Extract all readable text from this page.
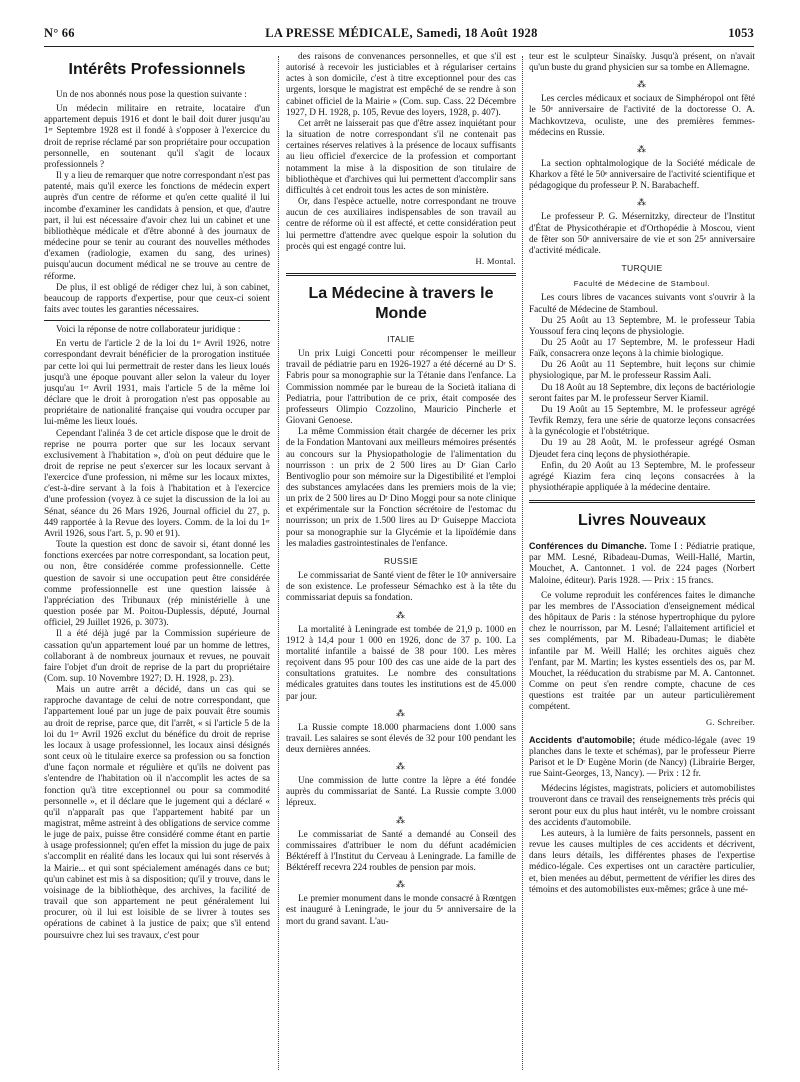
N° 66	LA PRESSE MÉDICALE, Samedi, 18 Août 1928	1053
Intérêts Professionnels

Un de nos abonnés nous pose la question suivante :

Un médecin militaire en retraite, locataire d'un appartement depuis 1916 et dont le bail doit durer jusqu'au 1ᵉʳ Septembre 1928 est il fondé à s'opposer à l'exercice du droit de reprise réclamé par son propriétaire pour occupation personnelle, en soutenant qu'il s'agit de locaux professionnels ?

Il y a lieu de remarquer que notre correspondant n'est pas patenté, mais qu'il exerce les fonctions de médecin expert auprès d'un centre de réforme et qu'en cette qualité il lui incombe d'examiner les candidats à pension, et que, d'autre part, il lui est nécessaire d'avoir chez lui un cabinet et une bibliothèque médicale et d'être abonné à des journaux de médecine pour se tenir au courant des nouvelles méthodes d'examen (radiologie, examen du sang, des urines) puisqu'aucun document médical ne se trouve au centre de réforme.

De plus, il est obligé de rédiger chez lui, à son cabinet, beaucoup de rapports d'expertise, pour que ceux-ci soient faits avec toutes les garanties nécessaires.

Voici la réponse de notre collaborateur juridique :

En vertu de l'article 2 de la loi du 1ᵉʳ Avril 1926, notre correspondant devrait bénéficier de la prorogation instituée par cette loi qui lui permettrait de rester dans les lieux loués jusqu'à une époque pouvant aller selon la valeur du loyer jusqu'au 1ᵉʳ Avril 1931, mais l'article 5 de la même loi déclare que le droit à prorogation n'est pas opposable au propriétaire de nationalité française qui voudra occuper par lui-même les lieux loués.

Cependant l'alinéa 3 de cet article dispose que le droit de reprise ne pourra porter que sur les locaux servant exclusivement à l'habitation », d'où on peut déduire que le droit de reprise ne peut s'exercer sur les locaux servant à l'exercice d'une profession, ni même sur les locaux mixtes, c'est-à-dire servant à la fois à l'habitation et à l'exercice d'une profession (voyez à ce sujet la discussion de la loi au Sénat, séance du 26 Mars 1926, Journal officiel du 27, p. 449 rapportée à la Revue des loyers. Comm. de la loi du 1ᵉʳ Avril 1926, sous l'art. 5, p. 90 et 91).

Toute la question est donc de savoir si, étant donné les fonctions exercées par notre correspondant, sa location peut, ou non, être considérée comme professionnelle. Cette question de savoir si une occupation peut être considérée comme professionnelle est une question laissée à l'appréciation des Tribunaux (rép ministérielle à une question posée par M. Poitou-Duplessis, député, Journal officiel, 29 Juillet 1926, p. 3073).

Il a été déjà jugé par la Commission supérieure de cassation qu'un appartement loué par un homme de lettres, collaborant à de nombreux journaux et revues, ne pouvait faire l'objet d'un droit de reprise de la part du propriétaire (Com. sup. 10 Novembre 1927; D. H. 1928, p. 23).

Mais un autre arrêt a décidé, dans un cas qui se rapproche davantage de celui de notre correspondant, que l'appartement loué par un juge de paix pouvait être soumis au droit de reprise, parce que, dit l'arrêt, « si l'article 5 de la loi du 1ᵉʳ Avril 1926 exclut du bénéfice du droit de reprise les locaux à usage professionnel, les locaux ainsi désignés sont ceux où le titulaire exerce sa profession ou sa fonction d'une façon normale et régulière et qu'ils ne doivent pas s'entendre de l'habitation où il n'accomplit les actes de sa fonction qu'à titre exceptionnel ou pour sa commodité personnelle », et il déclare que le jugement qui a déclaré « qu'il n'apparaît pas que l'appartement habité par un magistrat, même astreint à des obligations de service comme le juge de paix, puisse être considéré comme étant en partie à usage professionnel; qu'en effet la mission du juge de paix s'accomplit en réalité dans les locaux qui lui sont réservés à la Mairie... et qui sont spécialement aménagés dans ce but; qu'un cabinet est mis à sa disposition; qu'il y trouve, dans le voisinage de la bibliothèque, des archives, la facilité de travail que son appartement ne peut généralement lui procurer, où il lui est loisible de se livrer à toutes ses opérations de cabinet à la justice de paix; que s'il entend poursuivre chez lui ses travaux, c'est pour

des raisons de convenances personnelles, et que s'il est autorisé à recevoir les justiciables et à régulariser certains actes à son domicile, c'est à titre exceptionnel pour des cas urgents, lorsque le magistrat est empêché de se rendre à son cabinet officiel de la Mairie » (Com. sup. Cass. 22 Décembre 1927, D H. 1928, p. 105, Revue des loyers, 1928, p. 407).

Cet arrêt ne laisserait pas que d'être assez inquiétant pour la situation de notre correspondant s'il ne contenait pas certaines réserves relatives à la présence de locaux suffisants au lieu officiel d'exercice de la profession et comportant notamment la mise à la disposition de son titulaire de bibliothèque et d'archives qui lui permettent d'accomplir sans difficultés à cet endroit tous les actes de son ministère.

Or, dans l'espèce actuelle, notre correspondant ne trouve aucun de ces auxiliaires indispensables de son travail au centre de réforme où il est affecté, et cette considération peut lui permettre d'attendre avec quelque espoir la solution du procès qui est engagé contre lui.

H. Montal.
La Médecine à travers le Monde
ITALIE

Un prix Luigi Concetti pour récompenser le meilleur travail de pédiatrie paru en 1926-1927 a été décerné au Dʳ S. Fabris pour sa monographie sur la Tétanie dans l'enfance. La Commission nommée par le bureau de la Società italiana di Pediatria, pour l'attribution de ce prix, était composée des professeurs Olimpio Cozzolino, Mauricio Pincherle et Giovani Genoese.

La même Commission était chargée de décerner les prix de la Fondation Mantovani aux meilleurs mémoires présentés au concours sur la Physiopathologie de l'alimentation du nourrisson : un prix de 2 500 lires au Dʳ Gian Carlo Bentivoglio pour son mémoire sur la Digestibilité et l'emploi des substances amylacées dans les premiers mois de la vie; un prix de 2 500 lires au Dʳ Dino Moggi pour sa note clinique et expérimentale sur la Fonction sécrétoire de l'estomac du nourrisson; un prix de 1.500 lires au Dʳ Guiseppe Macciota pour sa monographie sur la Glycémie et la lipoïdémie dans les maladies gastrointestinales de l'enfance.

RUSSIE

Le commissariat de Santé vient de fêter le 10ᵉ anniversaire de son existence. Le professeur Sémachko est à la tête du commissariat depuis sa fondation.

⁂

La mortalité à Leningrade est tombée de 21,9 p. 1000 en 1912 à 14,4 pour 1 000 en 1926, donc de 37 p. 100. La mortalité infantile a baissé de 38 pour 100. Les mères reçoivent dans 95 pour 100 des cas une aide de la part des consultations gratuites. Le nombre des consultations médicales gratuites dans toutes les institutions est de 45.000 par jour.

⁂

La Russie compte 18.000 pharmaciens dont 1.000 sans travail. Les salaires se sont élevés de 32 pour 100 pendant les deux dernières années.

⁂

Une commission de lutte contre la lèpre a été fondée auprès du commissariat de Santé. La Russie compte 3.000 lépreux.

⁂

Le commissariat de Santé a demandé au Conseil des commissaires d'attribuer le nom du défunt académicien Béktéreff à l'Institut du Cerveau à Leningrade. La famille de Béktéreff recevra 224 roubles de pension par mois.

⁂

Le premier monument dans le monde consacré à Rœntgen est inauguré à Leningrade, le jour du 5ᵉ anniversaire de la mort du grand savant. L'au-

teur est le sculpteur Sinaïsky. Jusqu'à présent, on n'avait qu'un buste du grand physicien sur sa tombe en Allemagne.

⁂

Les cercles médicaux et sociaux de Simphéropol ont fêté le 50ᵉ anniversaire de l'activité de la doctoresse O. A. Machkovtzeva, oculiste, une des premières femmes-médecins en Russie.

⁂

La section ophtalmologique de la Société médicale de Kharkov a fêté le 50ᵉ anniversaire de l'activité scientifique et pédagogique du professeur P. N. Barabacheff.

⁂

Le professeur P. G. Mésernitzky, directeur de l'Institut d'État de Physicothérapie et d'Orthopédie à Moscou, vient de fêter son 50ᵉ anniversaire de vie et son 25ᵉ anniversaire d'activité médicale.

TURQUIE
Faculté de Médecine de Stamboul.

Les cours libres de vacances suivants vont s'ouvrir à la Faculté de Médecine de Stamboul.

Du 25 Août au 13 Septembre, M. le professeur Tabia Youssouf fera cinq leçons de physiologie.

Du 25 Août au 17 Septembre, M. le professeur Hadi Faïk, consacrera onze leçons à la chimie biologique.

Du 26 Août au 11 Septembre, huit leçons sur chimie physiologique, par M. le professeur Rassim Aali.

Du 18 Août au 18 Septembre, dix leçons de bactériologie seront faites par M. le professeur Server Kiamil.

Du 19 Août au 15 Septembre, M. le professeur agrégé Tevfik Remzy, fera une série de quatorze leçons consacrées à la gynécologie et l'obstétrique.

Du 19 au 28 Août, M. le professeur agrégé Osman Djeudet fera cinq leçons de physiothérapie.

Enfin, du 20 Août au 13 Septembre, M. le professeur agrégé Kiazim fera cinq leçons consacrées à la physiothérapie appliquée à la médecine dentaire.

Livres Nouveaux

Conférences du Dimanche. Tome I : Pédiatrie pratique, par MM. Lesné, Ribadeau-Dumas, Weill-Hallé, Martin, Mouchet, A. Cantonnet. 1 vol. de 224 pages (Norbert Maloine, éditeur). Paris 1928. — Prix : 15 francs.

Ce volume reproduit les conférences faites le dimanche par les membres de l'Association d'enseignement médical des hôpitaux de Paris : la sténose hypertrophique du pylore chez le nourrisson, par M. Lesné; l'allaitement artificiel et ses compléments, par M. Ribadeau-Dumas; le diabète infantile par M. Weill Hallé; les orchites aiguës chez l'enfant, par M. Martin; les kystes essentiels des os, par M. Mouchet, la rééducation du strabisme par M. A. Cantonnet. Comme on peut s'en rendre compte, chacune de ces questions est traitée par un auteur particulièrement compétent.

G. Schreiber.

Accidents d'automobile; étude médico-légale (avec 19 planches dans le texte et schémas), par le professeur Pierre Parisot et le Dʳ Eugène Morin (de Nancy) (Librairie Berger, rue Saint-Georges, 13, Nancy). — Prix : 12 fr.

Médecins légistes, magistrats, policiers et automobilistes trouveront dans ce travail des renseignements très précis qui seront pour eux du plus haut intérêt, vu le nombre croissant des accidents d'automobile.

Les auteurs, à la lumière de faits personnels, passent en revue les causes multiples de ces accidents et décrivent, dans leurs détails, les différentes phases de l'expertise médico-légale. Ces expertises ont un caractère particulier, et, bien menées au début, permettent de vérifier les dires des témoins et des automobilistes eux-mêmes; grâce à une mé-
